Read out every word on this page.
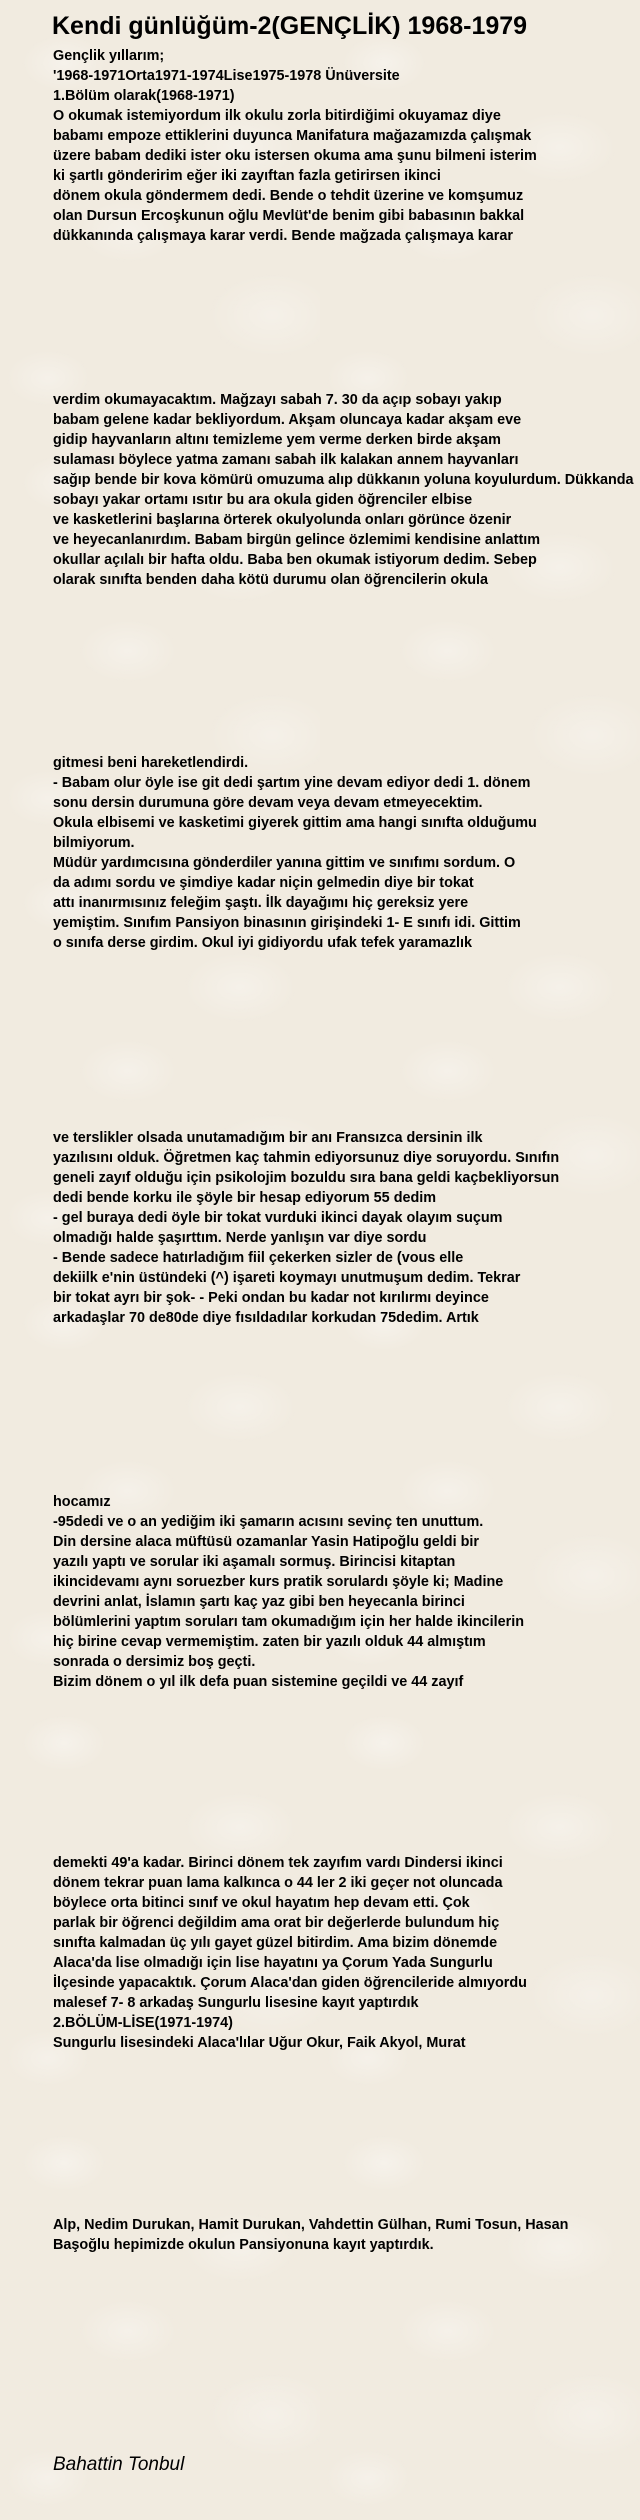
Kendi günlüğüm-2(GENÇLİK) 1968-1979
Gençlik yıllarım;
'1968-1971Orta1971-1974Lise1975-1978 Ünüversite
1.Bölüm olarak(1968-1971)
O okumak istemiyordum ilk okulu zorla bitirdiğimi okuyamaz diye
babamı empoze ettiklerini duyunca Manifatura mağazamızda çalışmak
üzere babam dediki ister oku istersen okuma ama şunu bilmeni isterim
ki şartlı gönderirim eğer iki zayıftan fazla getirirsen ikinci
dönem okula göndermem dedi. Bende o tehdit üzerine ve komşumuz
olan Dursun Ercoşkunun oğlu Mevlüt'de benim gibi babasının bakkal
dükkanında çalışmaya karar verdi. Bende mağzada çalışmaya karar
verdim okumayacaktım. Mağzayı sabah 7. 30 da açıp sobayı yakıp
babam gelene kadar bekliyordum. Akşam oluncaya kadar akşam eve
gidip hayvanların altını temizleme yem verme derken birde akşam
sulaması böylece yatma zamanı sabah ilk kalakan annem hayvanları
sağıp bende bir kova kömürü omuzuma alıp dükkanın yoluna koyulurdum. Dükkanda
sobayı yakar ortamı ısıtır bu ara okula giden öğrenciler elbise
ve kasketlerini başlarına örterek okulyolunda onları görünce özenir
ve heyecanlanırdım. Babam birgün gelince özlemimi kendisine anlattım
okullar açılalı bir hafta oldu. Baba ben okumak istiyorum dedim. Sebep
olarak sınıfta benden daha kötü durumu olan öğrencilerin okula
gitmesi beni hareketlendirdi.
- Babam olur öyle ise git dedi şartım yine devam ediyor dedi 1. dönem
sonu dersin durumuna göre devam veya devam etmeyecektim.
Okula elbisemi ve kasketimi giyerek gittim ama hangi sınıfta olduğumu
bilmiyorum.
Müdür yardımcısına gönderdiler yanına gittim ve sınıfımı sordum. O
da adımı sordu ve şimdiye kadar niçin gelmedin diye bir tokat
attı inanırmısınız feleğim şaştı. İlk dayağımı hiç gereksiz yere
yemiştim. Sınıfım Pansiyon binasının girişindeki 1- E sınıfı idi. Gittim
o sınıfa derse girdim. Okul iyi gidiyordu ufak tefek yaramazlık
ve terslikler olsada unutamadığım bir anı Fransızca dersinin ilk
yazılısını olduk. Öğretmen kaç tahmin ediyorsunuz diye soruyordu. Sınıfın
geneli zayıf olduğu için psikolojim bozuldu sıra bana geldi kaçbekliyorsun
dedi bende korku ile şöyle bir hesap ediyorum 55 dedim
- gel buraya dedi öyle bir tokat vurduki ikinci dayak olayım suçum
olmadığı halde şaşırttım. Nerde yanlışın var diye sordu
- Bende sadece hatırladığım fiil çekerken sizler de (vous elle
dekiilk e'nin üstündeki (^) işareti koymayı unutmuşum dedim. Tekrar
bir tokat ayrı bir şok- - Peki ondan bu kadar not kırılırmı deyince
arkadaşlar 70 de80de diye fısıldadılar korkudan 75dedim. Artık
hocamız
-95dedi ve o an yediğim iki şamarın acısını sevinç ten unuttum.
Din dersine alaca müftüsü ozamanlar Yasin Hatipoğlu geldi bir
yazılı yaptı ve sorular iki aşamalı sormuş. Birincisi kitaptan
ikincidevamı aynı soruezber kurs pratik sorulardı şöyle ki; Madine
devrini anlat, İslamın şartı kaç yaz gibi ben heyecanla birinci
bölümlerini yaptım soruları tam okumadığım için her halde ikincilerin
hiç birine cevap vermemiştim. zaten bir yazılı olduk 44 almıştım
sonrada o dersimiz boş geçti.
Bizim dönem o yıl ilk defa puan sistemine geçildi ve 44 zayıf
demekti 49'a kadar. Birinci dönem tek zayıfım vardı Dindersi ikinci
dönem tekrar puan lama kalkınca o 44 ler 2 iki geçer not oluncada
böylece orta bitinci sınıf ve okul hayatım hep devam etti. Çok
parlak bir öğrenci değildim ama orat bir değerlerde bulundum hiç
sınıfta kalmadan üç yılı gayet güzel bitirdim. Ama bizim dönemde
Alaca'da lise olmadığı için lise hayatını ya Çorum Yada Sungurlu
İlçesinde yapacaktık. Çorum Alaca'dan giden öğrencileride almıyordu
malesef 7- 8 arkadaş Sungurlu lisesine kayıt yaptırdık
2.BÖLÜM-LİSE(1971-1974)
Sungurlu lisesindeki Alaca'lılar Uğur Okur, Faik Akyol, Murat
Alp, Nedim Durukan, Hamit Durukan, Vahdettin Gülhan, Rumi Tosun, Hasan
Başoğlu hepimizde okulun Pansiyonuna kayıt yaptırdık.
Bahattin Tonbul
